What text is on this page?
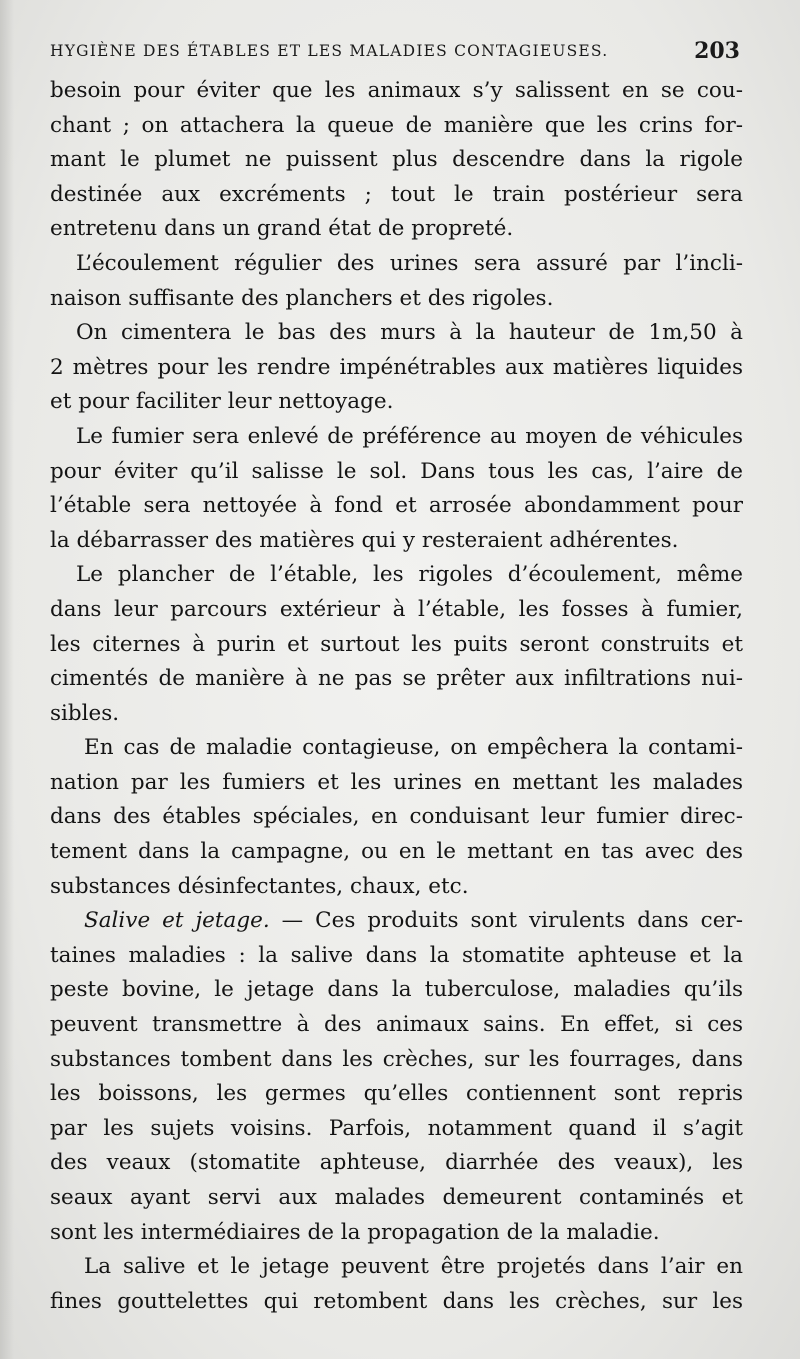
HYGIÈNE DES ÉTABLES ET LES MALADIES CONTAGIEUSES.	203
besoin pour éviter que les animaux s’y salissent en se cou-
chant ; on attachera la queue de manière que les crins for-
mant le plumet ne puissent plus descendre dans la rigole
destinée aux excréments ; tout le train postérieur sera
entretenu dans un grand état de propreté.
L’écoulement régulier des urines sera assuré par l’incli-
naison suffisante des planchers et des rigoles.
On cimentera le bas des murs à la hauteur de 1m,50 à
2 mètres pour les rendre impénétrables aux matières liquides
et pour faciliter leur nettoyage.
Le fumier sera enlevé de préférence au moyen de véhicules
pour éviter qu’il salisse le sol. Dans tous les cas, l’aire de
l’étable sera nettoyée à fond et arrosée abondamment pour
la débarrasser des matières qui y resteraient adhérentes.
Le plancher de l’étable, les rigoles d’écoulement, même
dans leur parcours extérieur à l’étable, les fosses à fumier,
les citernes à purin et surtout les puits seront construits et
cimentés de manière à ne pas se prêter aux infiltrations nui-
sibles.
En cas de maladie contagieuse, on empêchera la contami-
nation par les fumiers et les urines en mettant les malades
dans des étables spéciales, en conduisant leur fumier direc-
tement dans la campagne, ou en le mettant en tas avec des
substances désinfectantes, chaux, etc.
Salive et jetage. — Ces produits sont virulents dans cer-
taines maladies : la salive dans la stomatite aphteuse et la
peste bovine, le jetage dans la tuberculose, maladies qu’ils
peuvent transmettre à des animaux sains. En effet, si ces
substances tombent dans les crèches, sur les fourrages, dans
les boissons, les germes qu’elles contiennent sont repris
par les sujets voisins. Parfois, notamment quand il s’agit
des veaux (stomatite aphteuse, diarrhée des veaux), les
seaux ayant servi aux malades demeurent contaminés et
sont les intermédiaires de la propagation de la maladie.
La salive et le jetage peuvent être projetés dans l’air en
fines gouttelettes qui retombent dans les crèches, sur les
